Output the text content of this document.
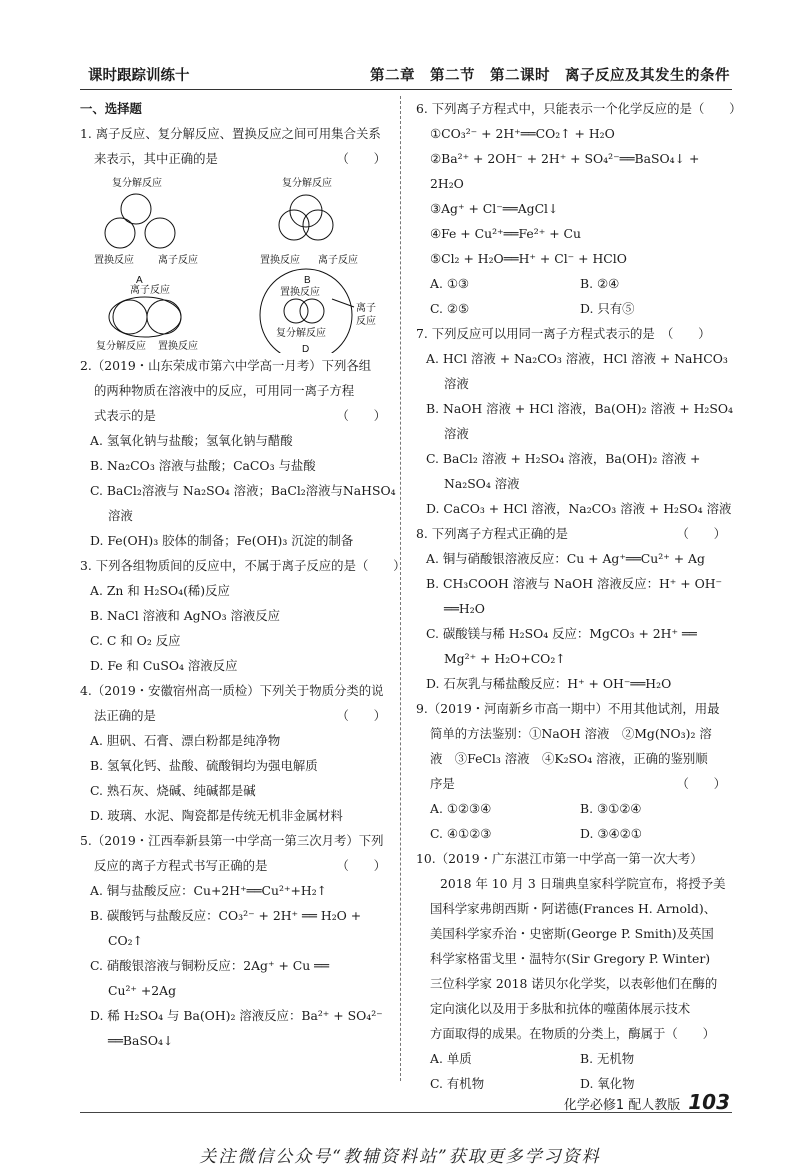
课时跟踪训练十	第二章　第二节　第二课时　离子反应及其发生的条件
一、选择题
1. 离子反应、复分解反应、置换反应之间可用集合关系
来表示，其中正确的是	（　　）
复分解反应
置换反应 离子反应
A
复分解反应
置换反应 离子反应
B
离子反应
复分解反应 置换反应
置换反应
复分解反应
离子
反应
D
2.（2019・山东荣成市第六中学高一月考）下列各组
的两种物质在溶液中的反应，可用同一离子方程
式表示的是	（　　）
A. 氢氧化钠与盐酸；氢氧化钠与醋酸
B. Na₂CO₃ 溶液与盐酸；CaCO₃ 与盐酸
C. BaCl₂溶液与 Na₂SO₄ 溶液；BaCl₂溶液与NaHSO₄
溶液
D. Fe(OH)₃ 胶体的制备；Fe(OH)₃ 沉淀的制备
3. 下列各组物质间的反应中，不属于离子反应的是（　　）
A. Zn 和 H₂SO₄(稀)反应
B. NaCl 溶液和 AgNO₃ 溶液反应
C. C 和 O₂ 反应
D. Fe 和 CuSO₄ 溶液反应
4.（2019・安徽宿州高一质检）下列关于物质分类的说
法正确的是	（　　）
A. 胆矾、石膏、漂白粉都是纯净物
B. 氢氧化钙、盐酸、硫酸铜均为强电解质
C. 熟石灰、烧碱、纯碱都是碱
D. 玻璃、水泥、陶瓷都是传统无机非金属材料
5.（2019・江西奉新县第一中学高一第三次月考）下列
反应的离子方程式书写正确的是	（　　）
A. 铜与盐酸反应：Cu+2H⁺══Cu²⁺+H₂↑
B. 碳酸钙与盐酸反应：CO₃²⁻ + 2H⁺ ══ H₂O +
CO₂↑
C. 硝酸银溶液与铜粉反应：2Ag⁺ + Cu ══
Cu²⁺ +2Ag
D. 稀 H₂SO₄ 与 Ba(OH)₂ 溶液反应：Ba²⁺ + SO₄²⁻
══BaSO₄↓
6. 下列离子方程式中，只能表示一个化学反应的是（　　）
①CO₃²⁻ + 2H⁺══CO₂↑ + H₂O
②Ba²⁺ + 2OH⁻ + 2H⁺ + SO₄²⁻══BaSO₄↓ +
2H₂O
③Ag⁺ + Cl⁻══AgCl↓
④Fe + Cu²⁺══Fe²⁺ + Cu
⑤Cl₂ + H₂O══H⁺ + Cl⁻ + HClO
A. ①③	B. ②④
C. ②⑤	D. 只有⑤
7. 下列反应可以用同一离子方程式表示的是　（　　）
A. HCl 溶液 + Na₂CO₃ 溶液，HCl 溶液 + NaHCO₃
溶液
B. NaOH 溶液 + HCl 溶液，Ba(OH)₂ 溶液 + H₂SO₄
溶液
C. BaCl₂ 溶液 + H₂SO₄ 溶液，Ba(OH)₂ 溶液 +
Na₂SO₄ 溶液
D. CaCO₃ + HCl 溶液，Na₂CO₃ 溶液 + H₂SO₄ 溶液
8. 下列离子方程式正确的是	（　　）
A. 铜与硝酸银溶液反应：Cu + Ag⁺══Cu²⁺ + Ag
B. CH₃COOH 溶液与 NaOH 溶液反应：H⁺ + OH⁻
══H₂O
C. 碳酸镁与稀 H₂SO₄ 反应：MgCO₃ + 2H⁺ ══
Mg²⁺ + H₂O+CO₂↑
D. 石灰乳与稀盐酸反应：H⁺ + OH⁻══H₂O
9.（2019・河南新乡市高一期中）不用其他试剂，用最
简单的方法鉴别：①NaOH 溶液　②Mg(NO₃)₂ 溶
液　③FeCl₃ 溶液　④K₂SO₄ 溶液，正确的鉴别顺
序是	（　　）
A. ①②③④	B. ③①②④
C. ④①②③	D. ③④②①
10.（2019・广东湛江市第一中学高一第一次大考）
2018 年 10 月 3 日瑞典皇家科学院宣布，将授予美
国科学家弗朗西斯・阿诺德(Frances H. Arnold)、
美国科学家乔治・史密斯(George P. Smith)及英国
科学家格雷戈里・温特尔(Sir Gregory P. Winter)
三位科学家 2018 诺贝尔化学奖，以表彰他们在酶的
定向演化以及用于多肽和抗体的噬菌体展示技术
方面取得的成果。在物质的分类上，酶属于（　　）
A. 单质	B. 无机物
C. 有机物	D. 氧化物
化学必修1 配人教版 103
关注微信公众号“教辅资料站”获取更多学习资料
